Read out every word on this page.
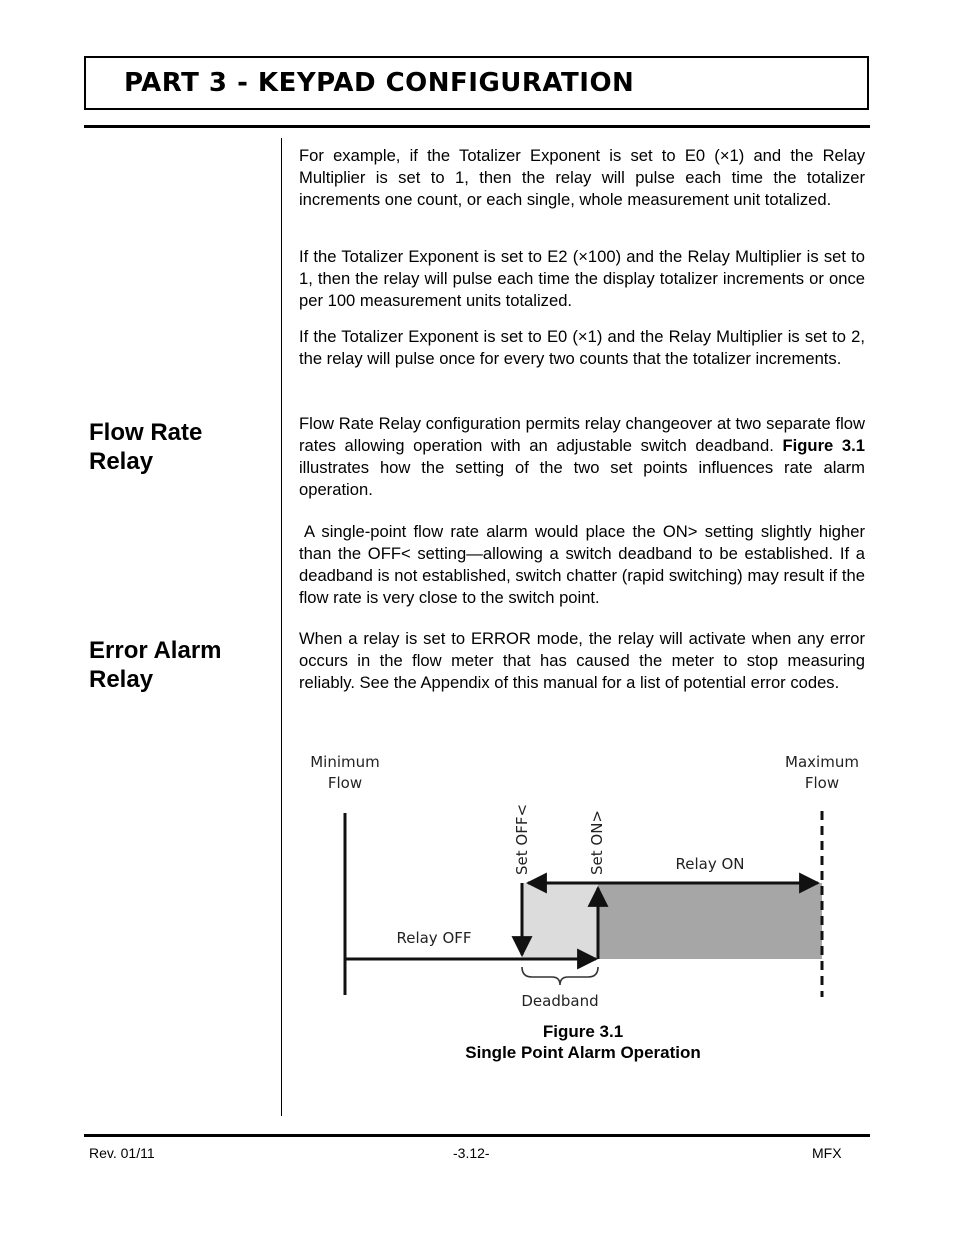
PART 3 - KEYPAD CONFIGURATION

For example, if the Totalizer Exponent is set to E0 (×1) and the Relay Multiplier is set to 1, then the relay will pulse each time the totalizer increments one count, or each single, whole measurement unit totalized.

If the Totalizer Exponent is set to E2 (×100) and the Relay Multiplier is set to 1, then the relay will pulse each time the display totalizer increments or once per 100 measurement units totalized.

If the Totalizer Exponent is set to E0 (×1) and the Relay Multiplier is set to 2, the relay will pulse once for every two counts that the totalizer increments.

Flow Rate
Relay

Flow Rate Relay configuration permits relay changeover at two separate flow rates allowing operation with an adjustable switch deadband. Figure 3.1 illustrates how the setting of the two set points influences rate alarm operation.

A single-point flow rate alarm would place the ON> setting slightly higher than the OFF< setting—allowing a switch deadband to be established. If a deadband is not established, switch chatter (rapid switching) may result if the flow rate is very close to the switch point.

Error Alarm
Relay

When a relay is set to ERROR mode, the relay will activate when any error occurs in the flow meter that has caused the meter to stop measuring reliably. See the Appendix of this manual for a list of potential error codes.

Minimum
Flow
Maximum
Flow
Set OFF<	Set ON>	Relay ON
Relay OFF
Deadband
Figure 3.1
Single Point Alarm Operation
Rev. 01/11	-3.12-	MFX
